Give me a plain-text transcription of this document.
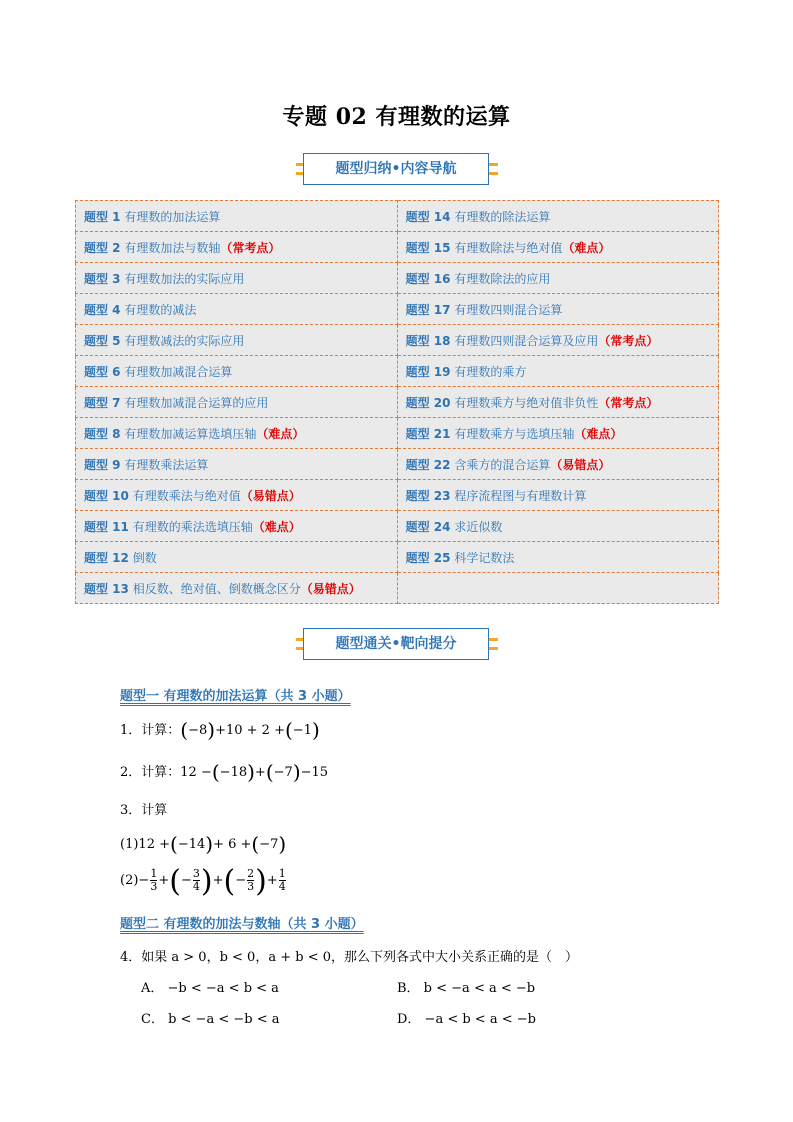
专题 02 有理数的运算
题型归纳•内容导航
题型 1 有理数的加法运算	题型 14 有理数的除法运算
题型 2 有理数加法与数轴（常考点）	题型 15 有理数除法与绝对值（难点）
题型 3 有理数加法的实际应用	题型 16 有理数除法的应用
题型 4 有理数的减法	题型 17 有理数四则混合运算
题型 5 有理数减法的实际应用	题型 18 有理数四则混合运算及应用（常考点）
题型 6 有理数加减混合运算	题型 19 有理数的乘方
题型 7 有理数加减混合运算的应用	题型 20 有理数乘方与绝对值非负性（常考点）
题型 8 有理数加减运算选填压轴（难点）	题型 21 有理数乘方与选填压轴（难点）
题型 9 有理数乘法运算	题型 22 含乘方的混合运算（易错点）
题型 10 有理数乘法与绝对值（易错点）	题型 23 程序流程图与有理数计算
题型 11 有理数的乘法选填压轴（难点）	题型 24 求近似数
题型 12 倒数	题型 25 科学记数法
题型 13 相反数、绝对值、倒数概念区分（易错点）	
题型通关•靶向提分
题型一 有理数的加法运算（共 3 小题）
1．计算：(−8)+10 + 2 +(−1)
2．计算：12 −(−18)+(−7)−15
3．计算
(1)12 +(−14)+ 6 +(−7)
$(2)- \frac{1}{3}$ +(− $\frac{3}{4}$ )+(− $\frac{2}{3}$ )+ $\frac{1}{4}$
题型二 有理数的加法与数轴（共 3 小题）
4．如果 a > 0，b < 0，a + b < 0，那么下列各式中大小关系正确的是（　）
A． −b < −a < b < a	B． b < −a < a < −b
C． b < −a < −b < a	D． −a < b < a < −b
